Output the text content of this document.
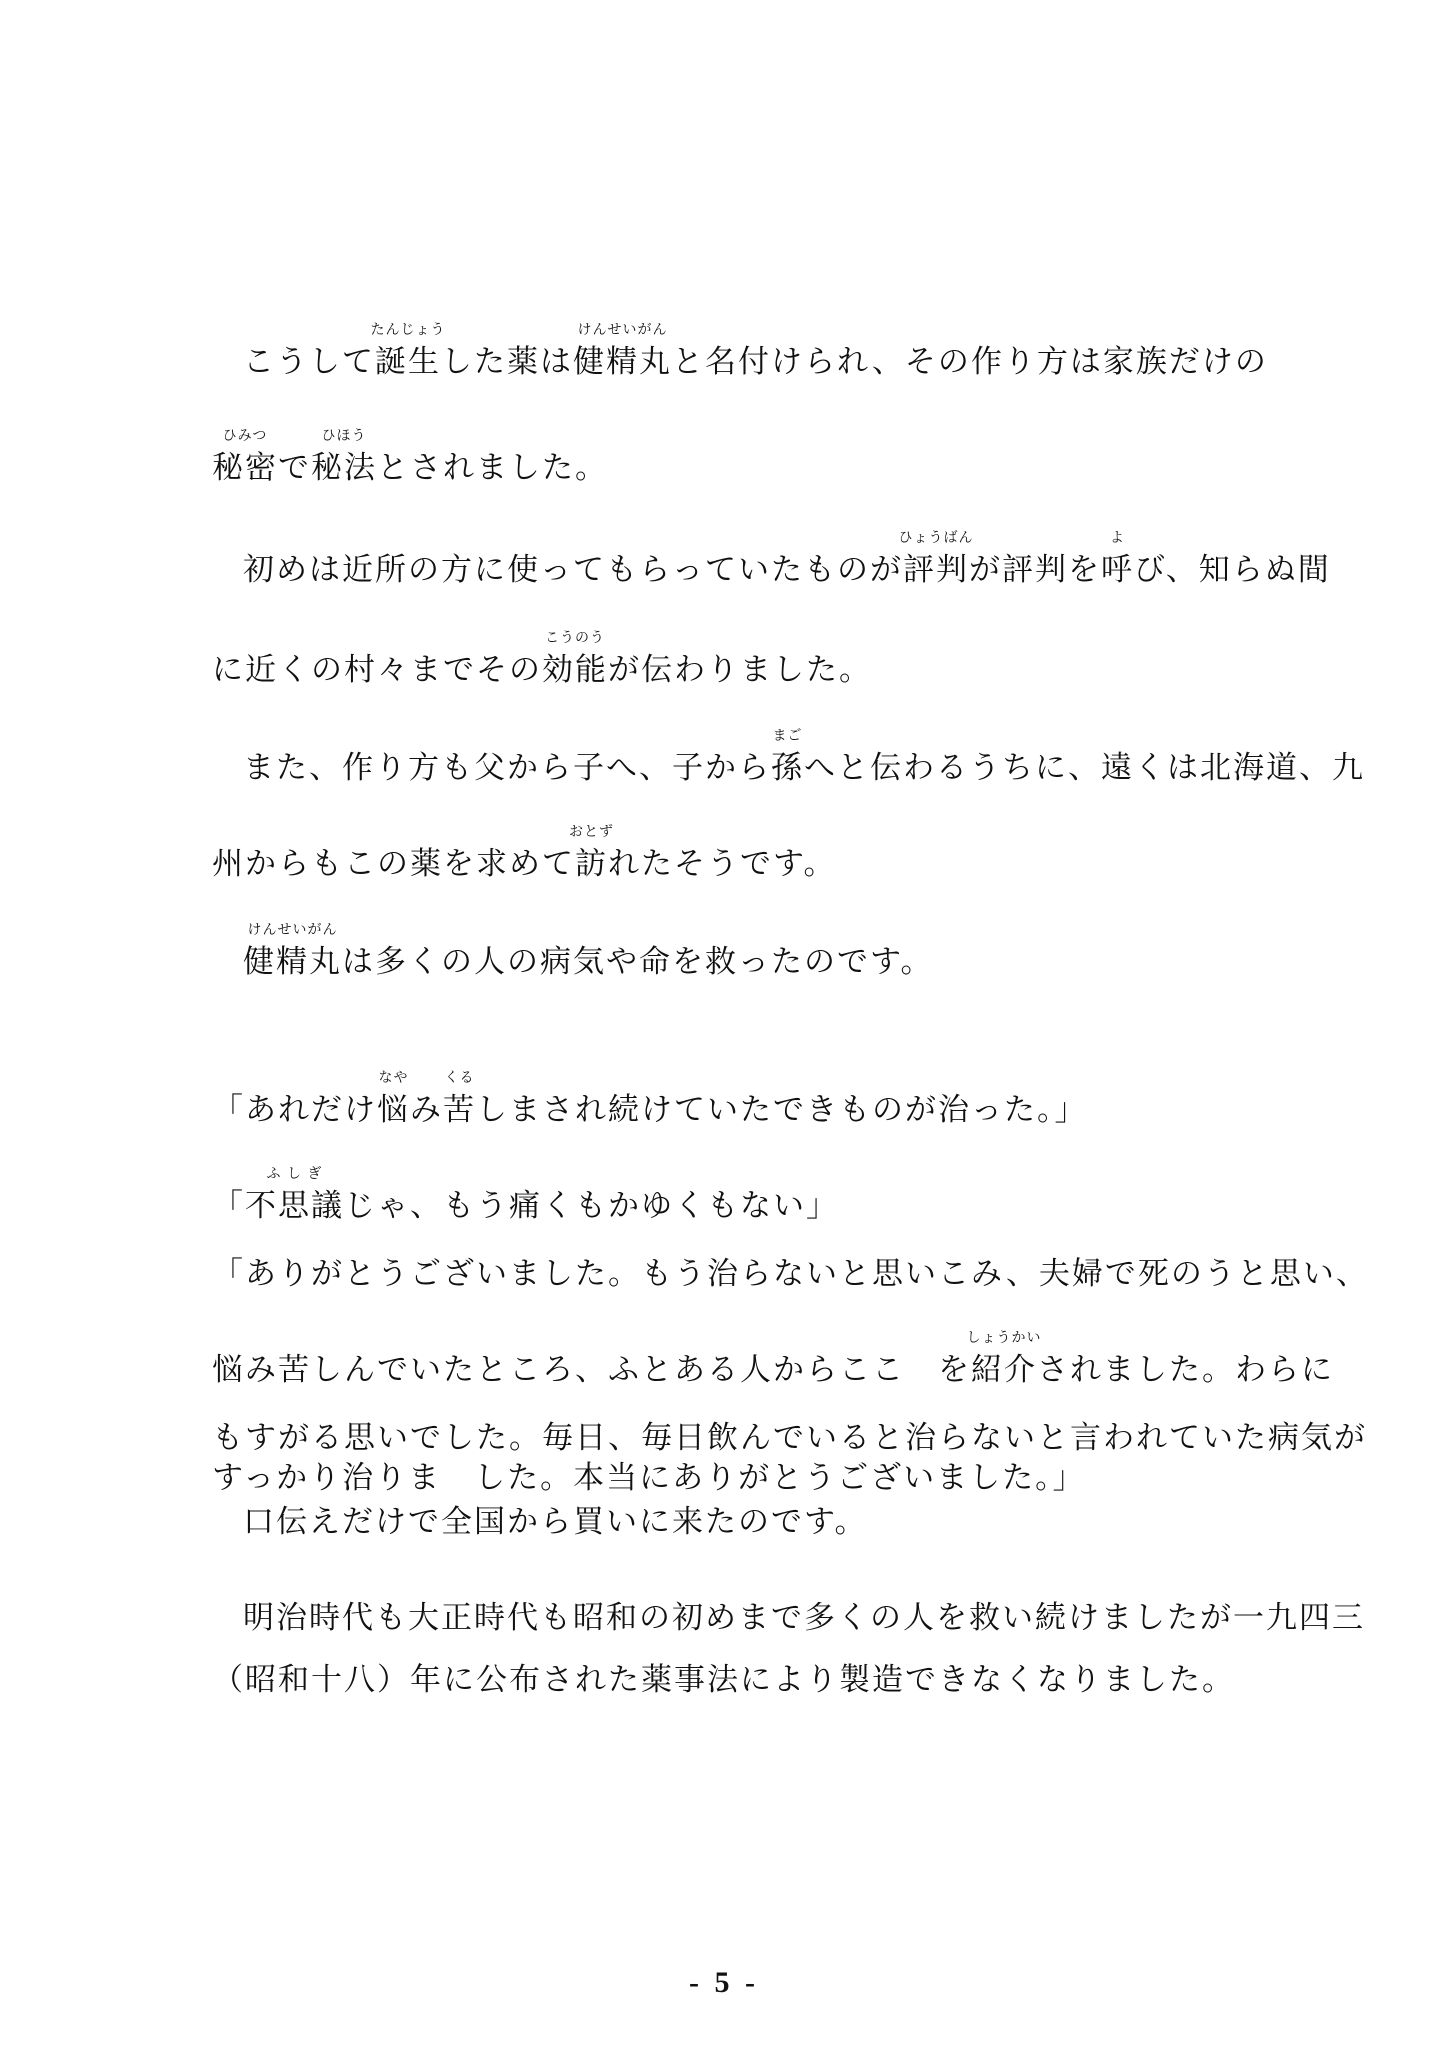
こうして
たんじょう
誕生した薬は
けんせいがん
健精丸と名付けられ、その作り方は家族だけの
ひみつ
秘密で
ひほう
秘法とされました。
初めは近所の方に使ってもらっていたものが
ひょうばん
評判が評判を
よ
呼び、知らぬ間
に近くの村々までその
こうのう
効能が伝わりました。
また、作り方も父から子へ、子から
まご
孫へと伝わるうちに、遠くは北海道、九
州からもこの薬を求めて
おとず
訪れたそうです。
けんせいがん
健精丸は多くの人の病気や命を救ったのです。
「あれだけ
なや
悩み
くる
苦しまされ続けていたできものが治った。」
「
ふ し ぎ
不思議じゃ、もう痛くもかゆくもない」
「ありがとうございました。もう治らないと思いこみ、夫婦で死のうと思い、
悩み苦しんでいたところ、ふとある人からここ　を
しょうかい
紹介されました。わらに
もすがる思いでした。毎日、毎日飲んでいると治らないと言われていた病気が
すっかり治りま　した。本当にありがとうございました。」
口伝えだけで全国から買いに来たのです。
明治時代も大正時代も昭和の初めまで多くの人を救い続けましたが一九四三
（昭和十八）年に公布された薬事法により製造できなくなりました。
- 5 -
